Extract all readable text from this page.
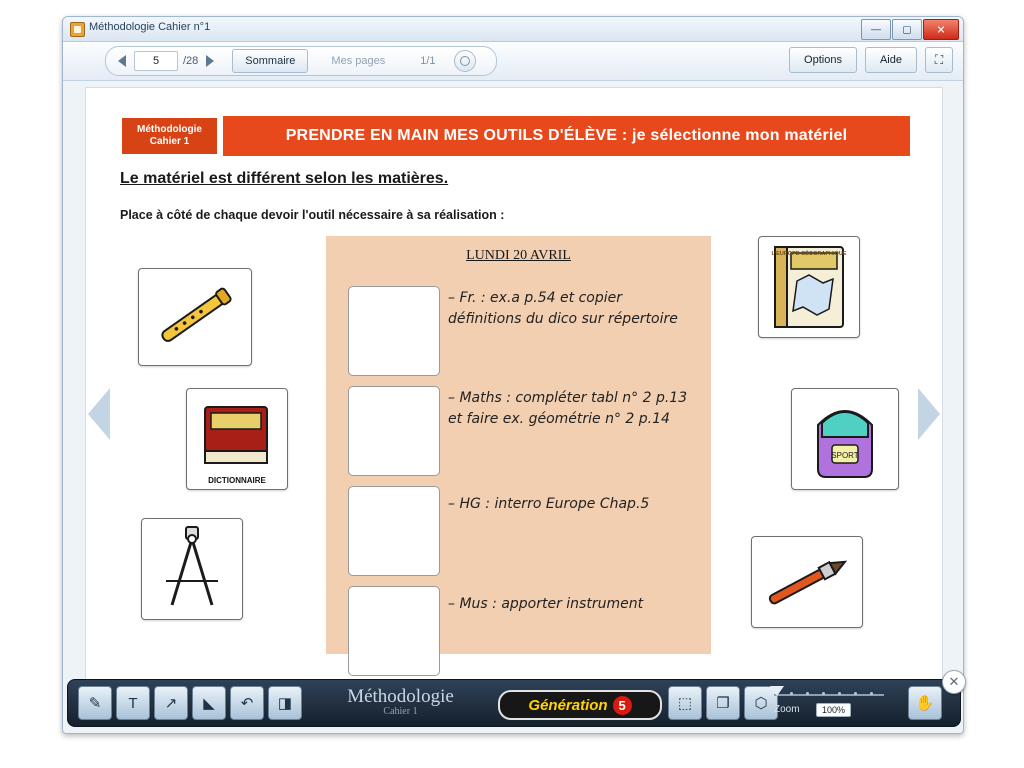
Méthodologie Cahier n°1	— ▢ ✕
5	/28	Sommaire	Mes pages	1/1	Options	Aide	⛶
Méthodologie
Cahier 1	PRENDRE EN MAIN MES OUTILS D'ÉLÈVE : je sélectionne mon matériel
Le matériel est différent selon les matières.
Place à côté de chaque devoir l'outil nécessaire à sa réalisation :
LUNDI 20 AVRIL
– Fr. : ex.a p.54 et copier définitions du dico sur répertoire
– Maths : compléter tabl n° 2 p.13 et faire ex. géométrie n° 2 p.14
– HG : interro Europe Chap.5
– Mus : apporter instrument
DICTIONNAIRE
L'EUROPE GÉOGRAPHIQUE
SPORT
✎	T	↗	◣	↶	◨	Méthodologie
Cahier 1	Génération 5	⬚	❐	⬡ Zoom	100%	✋
✕
